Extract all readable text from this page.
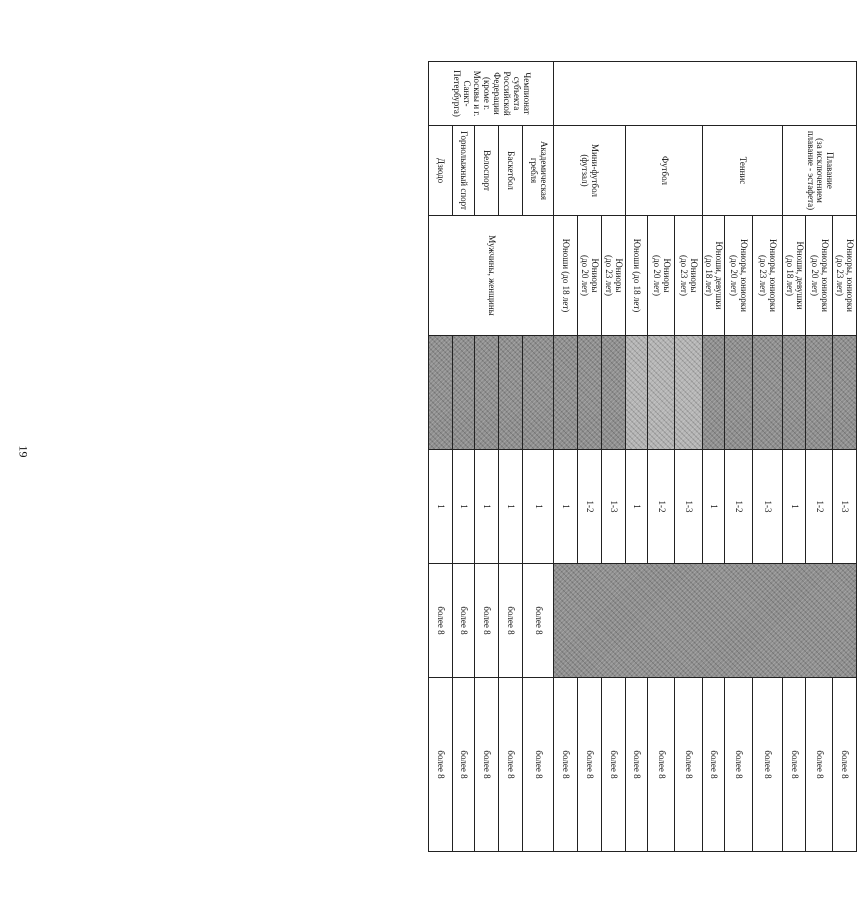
19
	Плавание
(за исключением плавание - эстафета)	Юниоры, юниорки
(до 23 лет)		1-3		более 8
		Юниоры, юниорки
(до 20 лет)		1-2		более 8
		Юноши, девушки
(до 18 лет)		1		более 8
	Теннис	Юниоры, юниорки
(до 23 лет)		1-3		более 8
		Юниоры, юниорки
(до 20 лет)		1-2		более 8
		Юноши, девушки
(до 18 лет)		1		более 8
	Футбол	Юниоры
(до 23 лет)		1-3		более 8
		Юниоры
(до 20 лет)		1-2		более 8
		Юноши (до 18 лет)		1		более 8
	Мини-футбол (футзал)	Юниоры
(до 23 лет)		1-3		более 8
		Юниоры
(до 20 лет)		1-2		более 8
		Юноши (до 18 лет)		1		более 8
Чемпионат субъекта Российской Федерации (кроме г. Москвы и г. Санкт-Петербурга)	Академическая гребля	Мужчины, женщины		1	более 8	более 8
	Баскетбол			1	более 8	более 8
	Велоспорт			1	более 8	более 8
	Горнолыжный спорт			1	более 8	более 8
	Дзюдо			1	более 8	более 8
